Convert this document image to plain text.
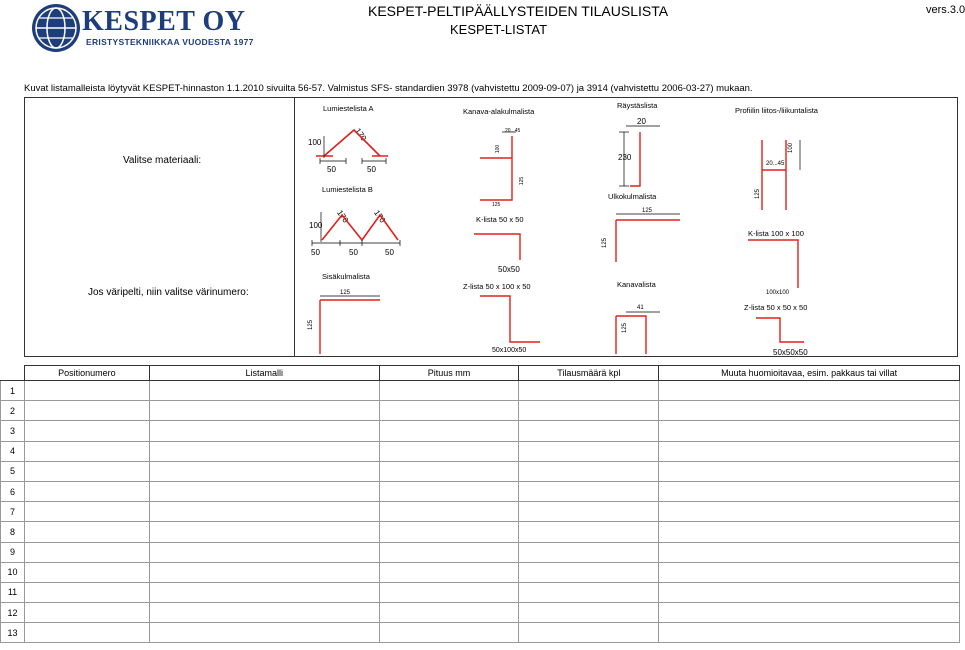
KESPET OY
ERISTYSTEKNIIKKAA VUODESTA 1977
KESPET-PELTIPÄÄLLYSTEIDEN TILAUSLISTA
KESPET-LISTAT
vers.3.0
Kuvat listamalleista löytyvät KESPET-hinnaston 1.1.2010 sivuilta 56-57. Valmistus SFS- standardien 3978 (vahvistettu 2009-09-07) ja 3914 (vahvistettu 2006-03-27) mukaan.
Valitse materiaali:
Jos väripelti, niin valitse värinumero:
Lumiestelista A	Kanava-alakulmalista
Räystäslista
Profiilin liitos-/liikuntalista
Lumiestelista B
K-lista 50 x 50
Ulkokulmalista
K-lista 100 x 100
Sisäkulmalista
Z-lista 50 x 100 x 50	Kanavalista
Z-lista 50 x 50 x 50
100	170
50	50
20...45
100
125
125
20
230
100
20...45
125
100
170	170
50	50	50
125
125
125
125
50x50
50x100x50
41
125
100x100
50x50x50
	Positionumero	Listamalli	Pituus mm	Tilausmäärä kpl	Muuta huomioitavaa, esim. pakkaus tai villat
1					
2					
3					
4					
5					
6					
7					
8					
9					
10					
11					
12					
13					
